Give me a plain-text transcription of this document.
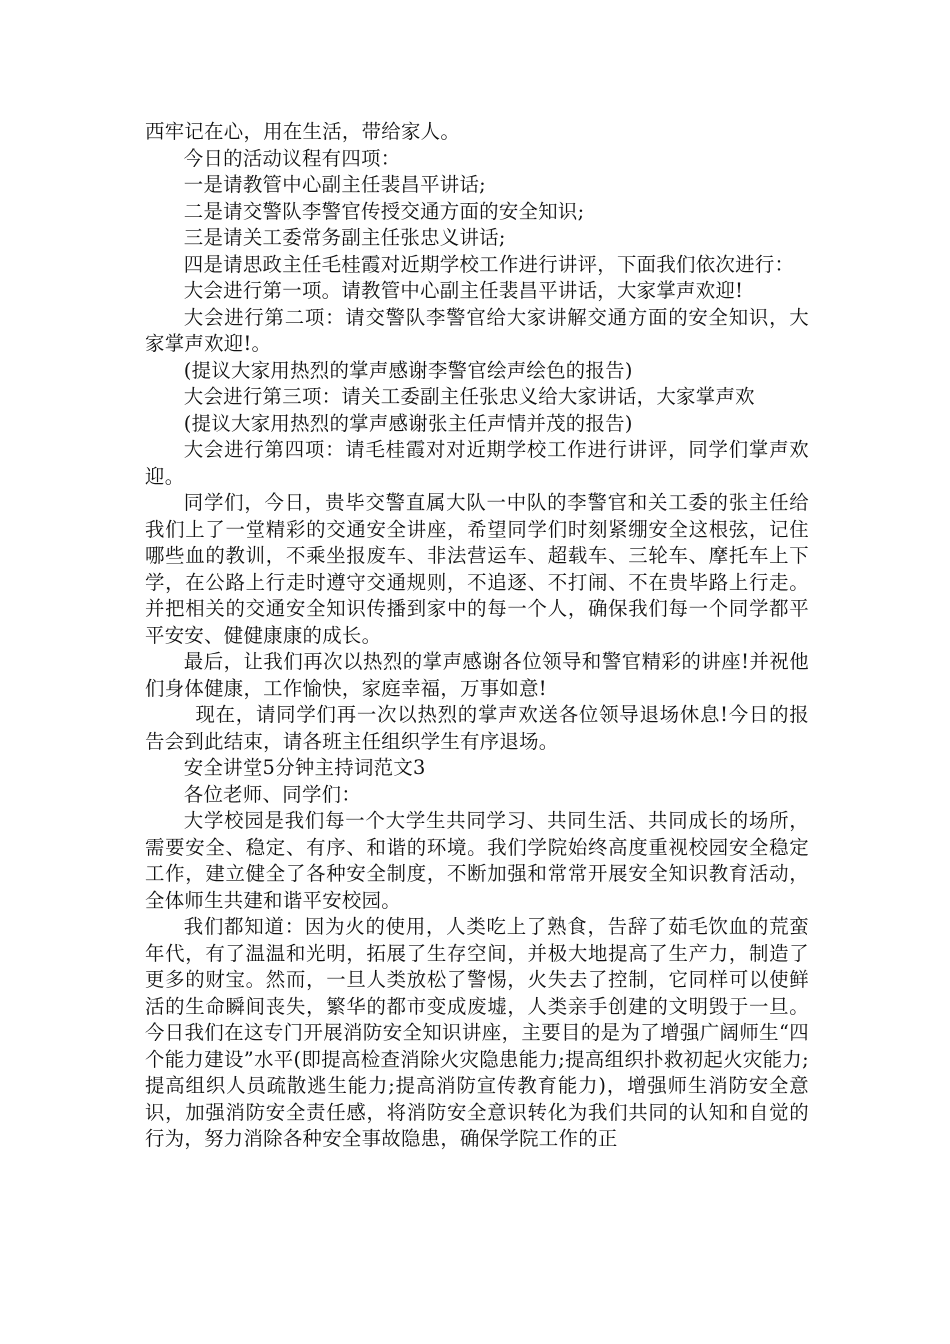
西牢记在心，用在生活，带给家人。

今日的活动议程有四项：

一是请教管中心副主任裴昌平讲话;

二是请交警队李警官传授交通方面的安全知识;

三是请关工委常务副主任张忠义讲话;

四是请思政主任毛桂霞对近期学校工作进行讲评，下面我们依次进行：

大会进行第一项。请教管中心副主任裴昌平讲话，大家掌声欢迎!

大会进行第二项：请交警队李警官给大家讲解交通方面的安全知识，大家掌声欢迎!。

(提议大家用热烈的掌声感谢李警官绘声绘色的报告)

大会进行第三项：请关工委副主任张忠义给大家讲话，大家掌声欢

(提议大家用热烈的掌声感谢张主任声情并茂的报告)

大会进行第四项：请毛桂霞对对近期学校工作进行讲评，同学们掌声欢迎。

同学们，今日，贵毕交警直属大队一中队的李警官和关工委的张主任给我们上了一堂精彩的交通安全讲座，希望同学们时刻紧绷安全这根弦，记住哪些血的教训，不乘坐报废车、非法营运车、超载车、三轮车、摩托车上下学，在公路上行走时遵守交通规则，不追逐、不打闹、不在贵毕路上行走。并把相关的交通安全知识传播到家中的每一个人，确保我们每一个同学都平平安安、健健康康的成长。

最后，让我们再次以热烈的掌声感谢各位领导和警官精彩的讲座!并祝他们身体健康，工作愉快，家庭幸福，万事如意!

现在，请同学们再一次以热烈的掌声欢送各位领导退场休息!今日的报告会到此结束，请各班主任组织学生有序退场。

安全讲堂5分钟主持词范文3

各位老师、同学们：

大学校园是我们每一个大学生共同学习、共同生活、共同成长的场所，需要安全、稳定、有序、和谐的环境。我们学院始终高度重视校园安全稳定工作，建立健全了各种安全制度，不断加强和常常开展安全知识教育活动，全体师生共建和谐平安校园。

我们都知道：因为火的使用，人类吃上了熟食，告辞了茹毛饮血的荒蛮年代，有了温温和光明，拓展了生存空间，并极大地提高了生产力，制造了更多的财宝。然而，一旦人类放松了警惕，火失去了控制，它同样可以使鲜活的生命瞬间丧失，繁华的都市变成废墟，人类亲手创建的文明毁于一旦。今日我们在这专门开展消防安全知识讲座，主要目的是为了增强广阔师生“四个能力建设”水平(即提高检查消除火灾隐患能力;提高组织扑救初起火灾能力;提高组织人员疏散逃生能力;提高消防宣传教育能力)，增强师生消防安全意识，加强消防安全责任感，将消防安全意识转化为我们共同的认知和自觉的行为，努力消除各种安全事故隐患，确保学院工作的正
